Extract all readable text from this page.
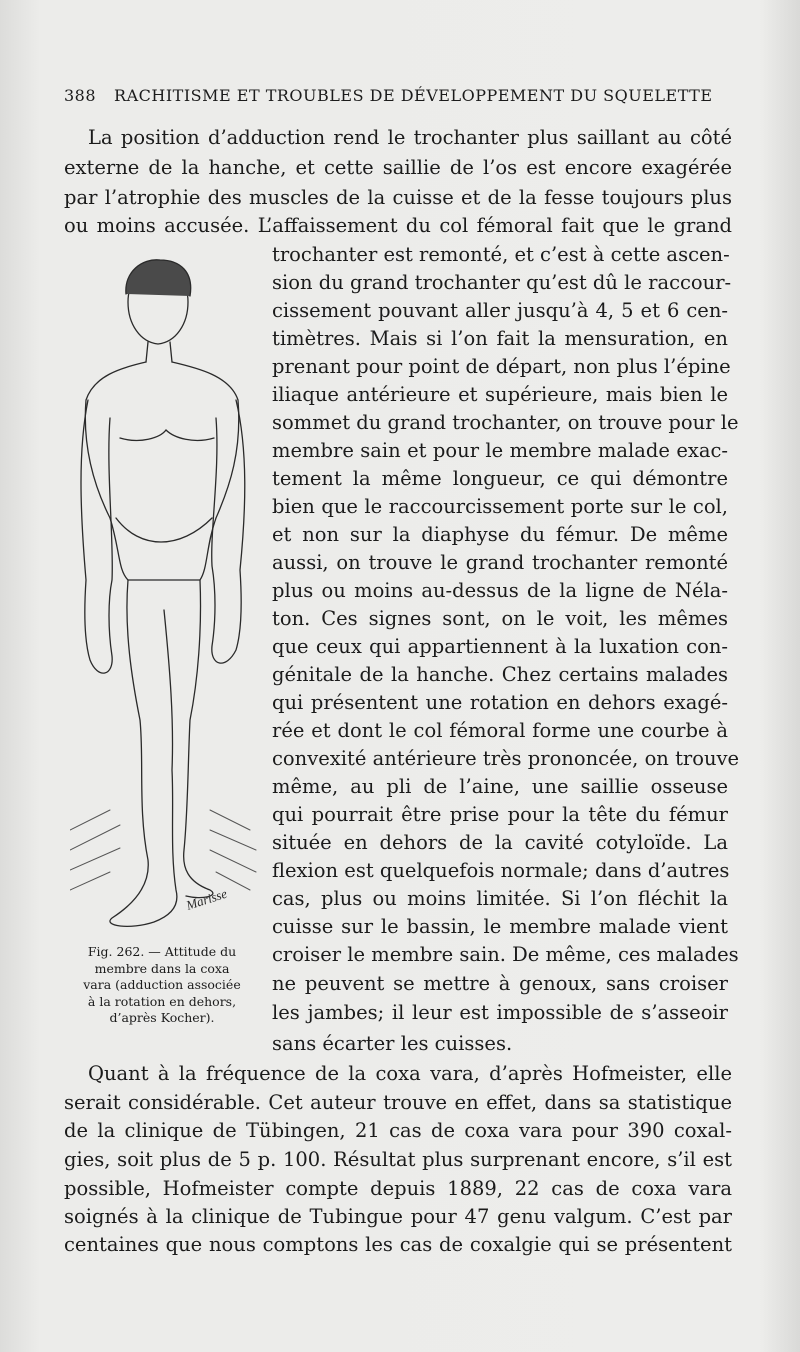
388 RACHITISME ET TROUBLES DE DÉVELOPPEMENT DU SQUELETTE
La position d’adduction rend le trochanter plus saillant au côté
externe de la hanche, et cette saillie de l’os est encore exagérée
par l’atrophie des muscles de la cuisse et de la fesse toujours plus
ou moins accusée. L’affaissement du col fémoral fait que le grand
trochanter est remonté, et c’est à cette ascen-
sion du grand trochanter qu’est dû le raccour-
cissement pouvant aller jusqu’à 4, 5 et 6 cen-
timètres. Mais si l’on fait la mensuration, en
prenant pour point de départ, non plus l’épine
iliaque antérieure et supérieure, mais bien le
sommet du grand trochanter, on trouve pour le
membre sain et pour le membre malade exac-
tement la même longueur, ce qui démontre
bien que le raccourcissement porte sur le col,
et non sur la diaphyse du fémur. De même
aussi, on trouve le grand trochanter remonté
plus ou moins au-dessus de la ligne de Néla-
ton. Ces signes sont, on le voit, les mêmes
que ceux qui appartiennent à la luxation con-
génitale de la hanche. Chez certains malades
qui présentent une rotation en dehors exagé-
rée et dont le col fémoral forme une courbe à
convexité antérieure très prononcée, on trouve
même, au pli de l’aine, une saillie osseuse
qui pourrait être prise pour la tête du fémur
située en dehors de la cavité cotyloïde. La
flexion est quelquefois normale; dans d’autres
cas, plus ou moins limitée. Si l’on fléchit la
cuisse sur le bassin, le membre malade vient
croiser le membre sain. De même, ces malades
ne peuvent se mettre à genoux, sans croiser
les jambes; il leur est impossible de s’asseoir
sans écarter les cuisses.
Quant à la fréquence de la coxa vara, d’après Hofmeister, elle
serait considérable. Cet auteur trouve en effet, dans sa statistique
de la clinique de Tübingen, 21 cas de coxa vara pour 390 coxal-
gies, soit plus de 5 p. 100. Résultat plus surprenant encore, s’il est
possible, Hofmeister compte depuis 1889, 22 cas de coxa vara
soignés à la clinique de Tubingue pour 47 genu valgum. C’est par
centaines que nous comptons les cas de coxalgie qui se présentent
Marisse
Fig. 262. — Attitude du
membre dans la coxa
vara (adduction associée
à la rotation en dehors,
d’après Kocher).
